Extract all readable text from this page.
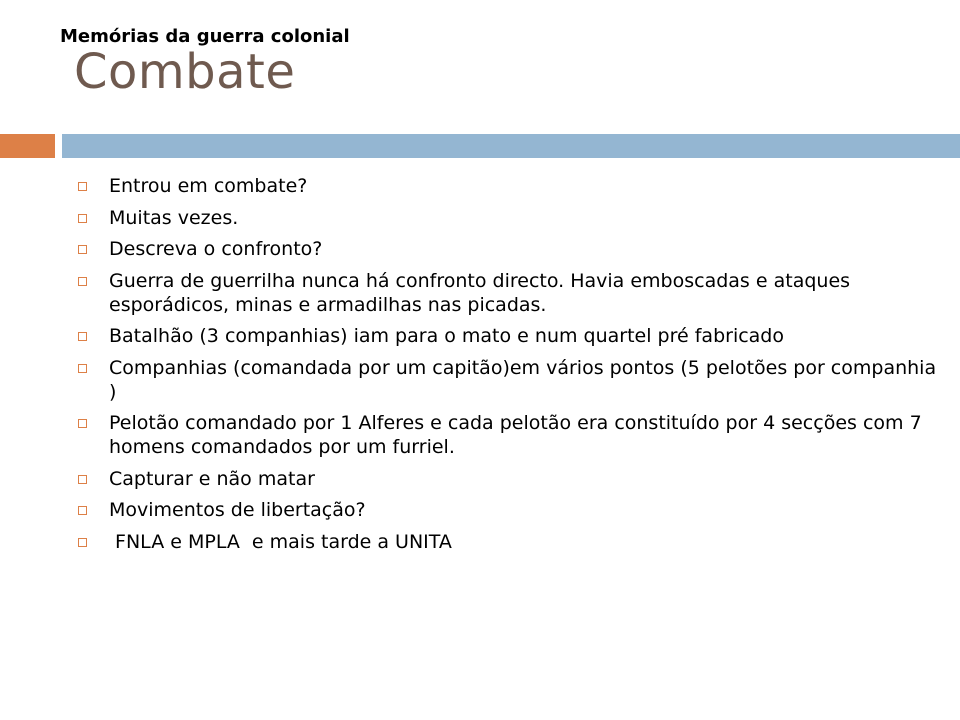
Memórias da guerra colonial
Combate
Entrou em combate?
Muitas vezes.
Descreva o confronto?
Guerra de guerrilha nunca há confronto directo. Havia emboscadas e ataques esporádicos, minas e armadilhas nas picadas.
Batalhão (3 companhias) iam para o mato e num quartel pré fabricado
Companhias (comandada por um capitão)em vários pontos (5 pelotões por companhia )
Pelotão comandado por 1 Alferes e cada pelotão era constituído por 4 secções com 7 homens comandados por um furriel.
Capturar e não matar
Movimentos de libertação?
FNLA e MPLA  e mais tarde a UNITA
